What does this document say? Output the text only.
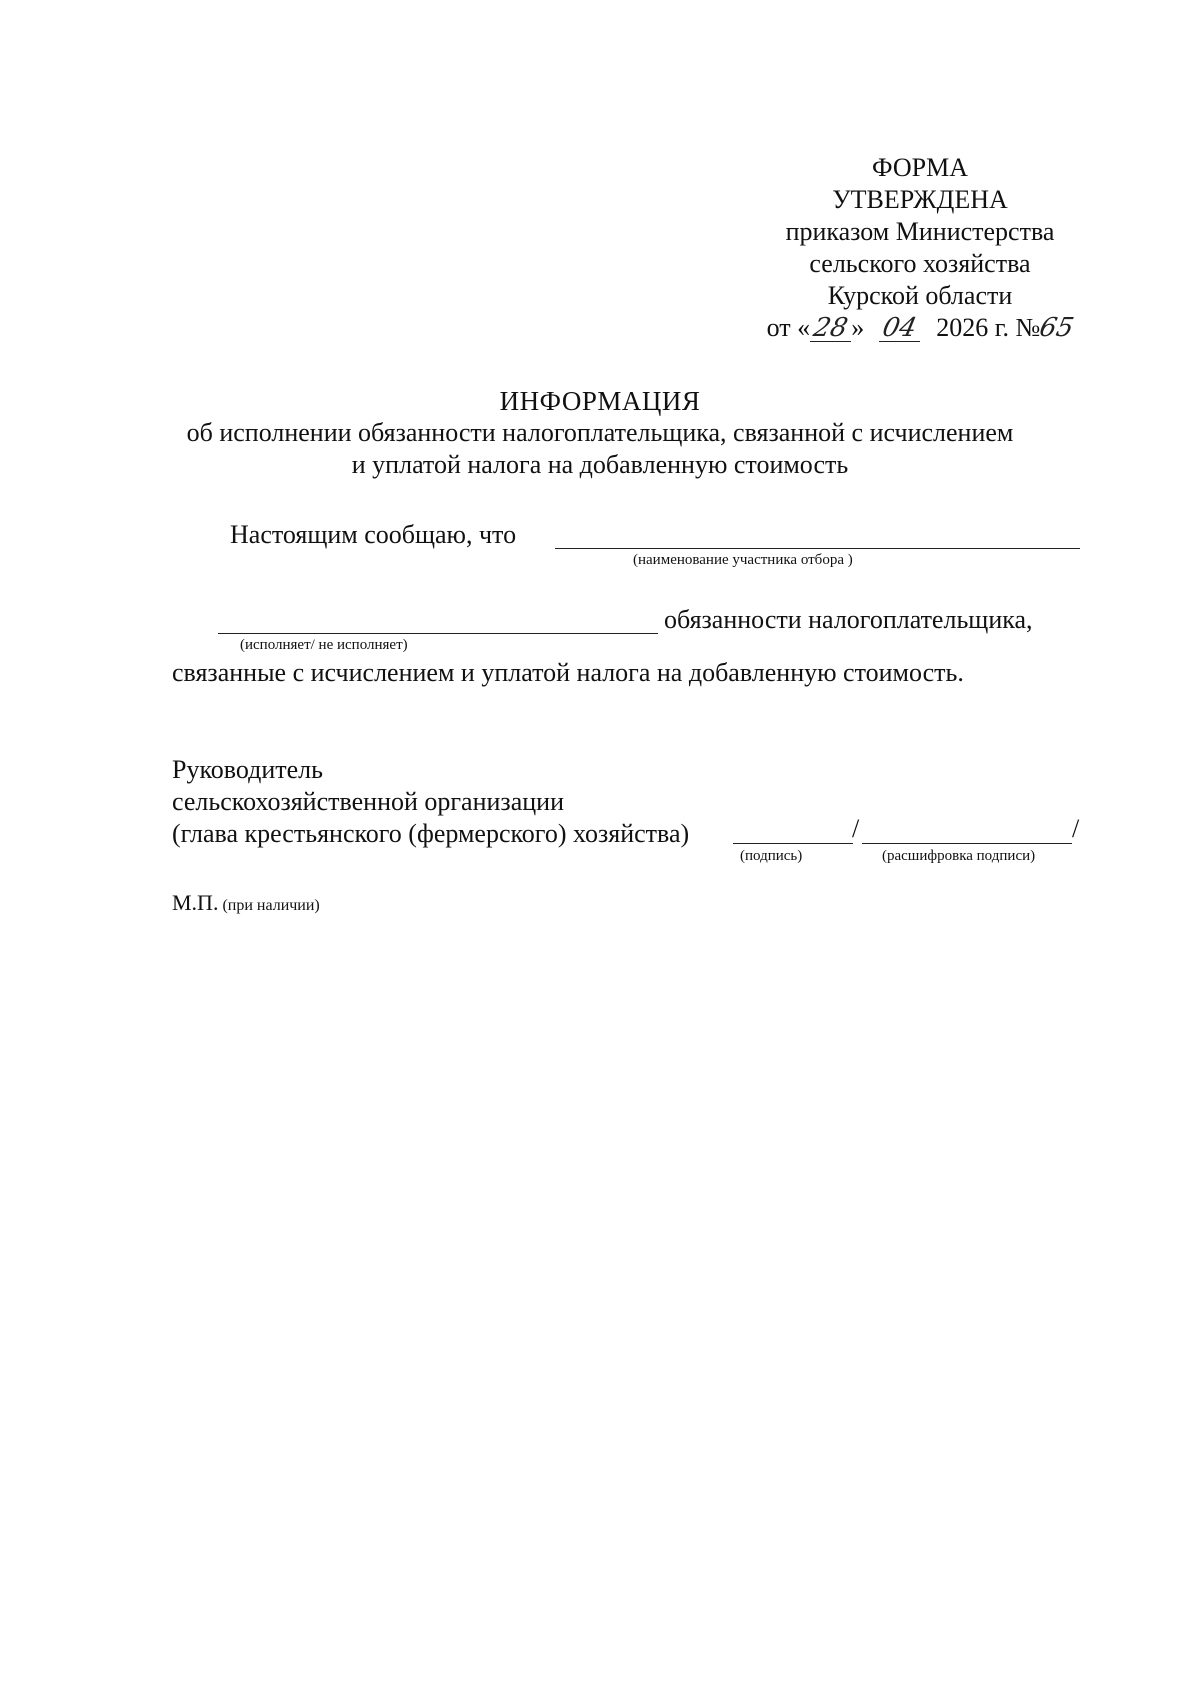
ФОРМА
УТВЕРЖДЕНА
приказом Министерства
сельского хозяйства
Курской области
от «28» 04 2026 г. №65
ИНФОРМАЦИЯ
об исполнении обязанности налогоплательщика, связанной с исчислением
и уплатой налога на добавленную стоимость
Настоящим сообщаю, что
(наименование участника отбора )
обязанности налогоплательщика,
(исполняет/ не исполняет)
связанные с исчислением и уплатой налога на добавленную стоимость.
Руководитель
сельскохозяйственной организации
(глава крестьянского (фермерского) хозяйства)	/	/
(подпись)	(расшифровка подписи)
М.П. (при наличии)
